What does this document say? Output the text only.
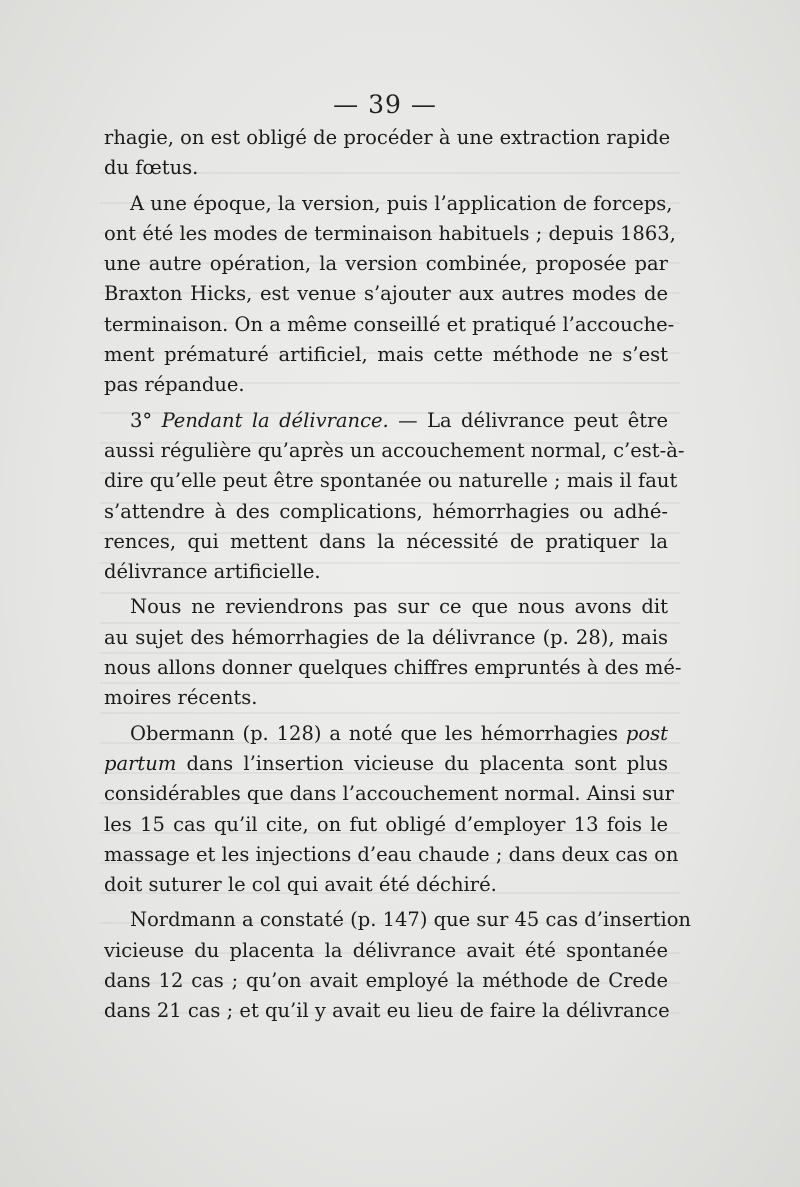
— 39 —
rhagie, on est obligé de procéder à une extraction rapide
du fœtus.
A une époque, la version, puis l’application de forceps,
ont été les modes de terminaison habituels ; depuis 1863,
une autre opération, la version combinée, proposée par
Braxton Hicks, est venue s’ajouter aux autres modes de
terminaison. On a même conseillé et pratiqué l’accouche-
ment prématuré artificiel, mais cette méthode ne s’est
pas répandue.
3° Pendant la délivrance. — La délivrance peut être
aussi régulière qu’après un accouchement normal, c’est-à-
dire qu’elle peut être spontanée ou naturelle ; mais il faut
s’attendre à des complications, hémorrhagies ou adhé-
rences, qui mettent dans la nécessité de pratiquer la
délivrance artificielle.
Nous ne reviendrons pas sur ce que nous avons dit
au sujet des hémorrhagies de la délivrance (p. 28), mais
nous allons donner quelques chiffres empruntés à des mé-
moires récents.
Obermann (p. 128) a noté que les hémorrhagies post
partum dans l’insertion vicieuse du placenta sont plus
considérables que dans l’accouchement normal. Ainsi sur
les 15 cas qu’il cite, on fut obligé d’employer 13 fois le
massage et les injections d’eau chaude ; dans deux cas on
doit suturer le col qui avait été déchiré.
Nordmann a constaté (p. 147) que sur 45 cas d’insertion
vicieuse du placenta la délivrance avait été spontanée
dans 12 cas ; qu’on avait employé la méthode de Crede
dans 21 cas ; et qu’il y avait eu lieu de faire la délivrance
